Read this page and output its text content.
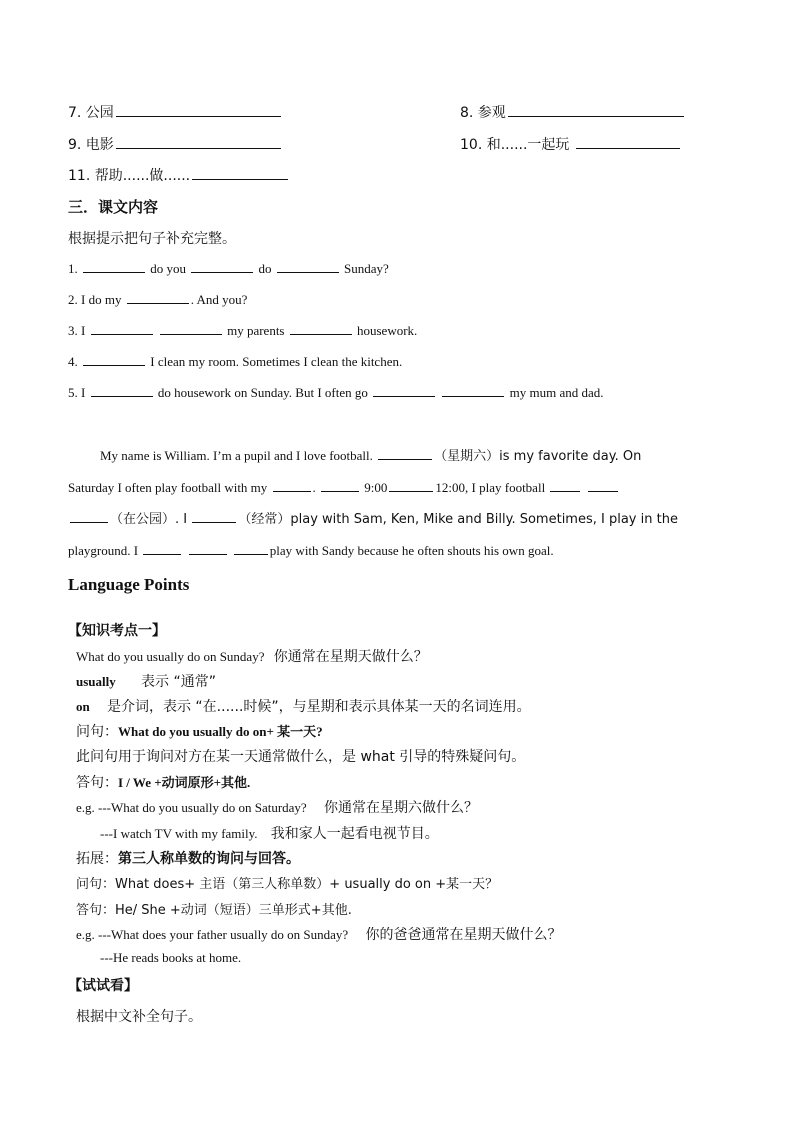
7. 公园	8. 参观
9. 电影	10. 和......一起玩
11. 帮助......做......
三．课文内容
根据提示把句子补充完整。
1.	do you	do	Sunday?
2. I do my	. And you?
3. I	my parents	housework.
4.	I clean my room. Sometimes I clean the kitchen.
5. I	do housework on Sunday. But I often go	my mum and dad.

My name is William. I’m a pupil and I love football.	（星期六）is my favorite day. On

Saturday I often play football with my	.	9:00	12:00, I play football

（在公园）. I	（经常）play with Sam, Ken, Mike and Billy. Sometimes, I play in the

playground. I	play with Sandy because he often shouts his own goal.

Language Points
【知识考点一】
What do you usually do on Sunday? 你通常在星期天做什么？
usually 表示 “通常”
on 是介词，表示 “在......时候”，与星期和表示具体某一天的名词连用。
问句：What do you usually do on+ 某一天?
此问句用于询问对方在某一天通常做什么，是 what 引导的特殊疑问句。
答句：I / We +动词原形+其他.
e.g. ---What do you usually do on Saturday? 你通常在星期六做什么？
---I watch TV with my family. 我和家人一起看电视节目。
拓展：第三人称单数的询问与回答。
问句：What does+ 主语（第三人称单数）+ usually do on +某一天？
答句：He/ She +动词（短语）三单形式+其他.
e.g. ---What does your father usually do on Sunday? 你的爸爸通常在星期天做什么？
---He reads books at home.
【试试看】
根据中文补全句子。
